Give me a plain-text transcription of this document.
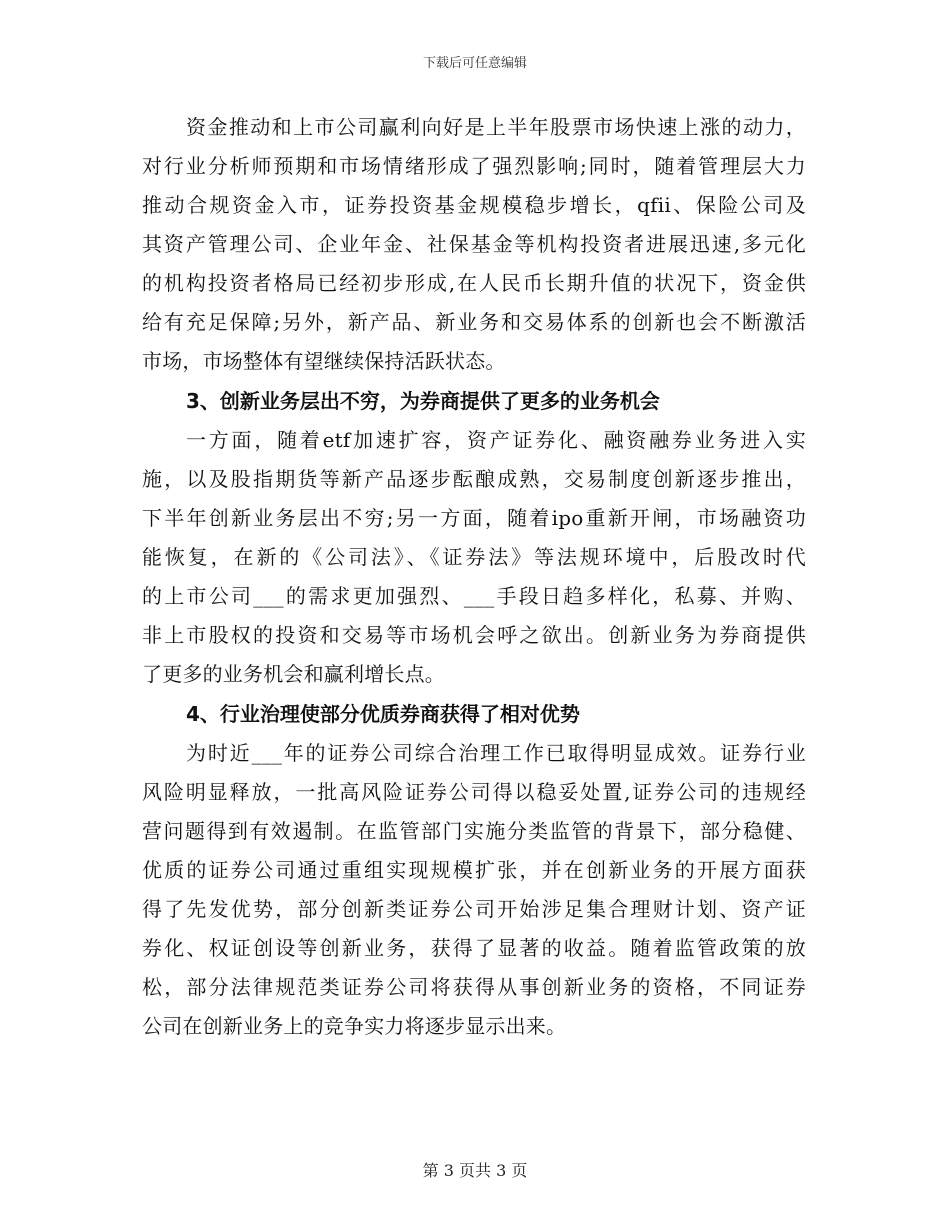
下载后可任意编辑
资金推动和上市公司赢利向好是上半年股票市场快速上涨的动力，
对行业分析师预期和市场情绪形成了强烈影响;同时，随着管理层大力
推动合规资金入市，证券投资基金规模稳步增长，qfii、保险公司及
其资产管理公司、企业年金、社保基金等机构投资者进展迅速,多元化
的机构投资者格局已经初步形成,在人民币长期升值的状况下，资金供
给有充足保障;另外，新产品、新业务和交易体系的创新也会不断激活
市场，市场整体有望继续保持活跃状态。
3、创新业务层出不穷，为券商提供了更多的业务机会
一方面，随着etf加速扩容，资产证券化、融资融券业务进入实
施，以及股指期货等新产品逐步酝酿成熟，交易制度创新逐步推出，
下半年创新业务层出不穷;另一方面，随着ipo重新开闸，市场融资功
能恢复，在新的《公司法》、《证券法》等法规环境中，后股改时代
的上市公司___的需求更加强烈、___手段日趋多样化，私募、并购、
非上市股权的投资和交易等市场机会呼之欲出。创新业务为券商提供
了更多的业务机会和赢利增长点。
4、行业治理使部分优质券商获得了相对优势
为时近___年的证券公司综合治理工作已取得明显成效。证券行业
风险明显释放，一批高风险证券公司得以稳妥处置,证券公司的违规经
营问题得到有效遏制。在监管部门实施分类监管的背景下，部分稳健、
优质的证券公司通过重组实现规模扩张，并在创新业务的开展方面获
得了先发优势，部分创新类证券公司开始涉足集合理财计划、资产证
券化、权证创设等创新业务，获得了显著的收益。随着监管政策的放
松，部分法律规范类证券公司将获得从事创新业务的资格，不同证券
公司在创新业务上的竞争实力将逐步显示出来。
第 3 页共 3 页
